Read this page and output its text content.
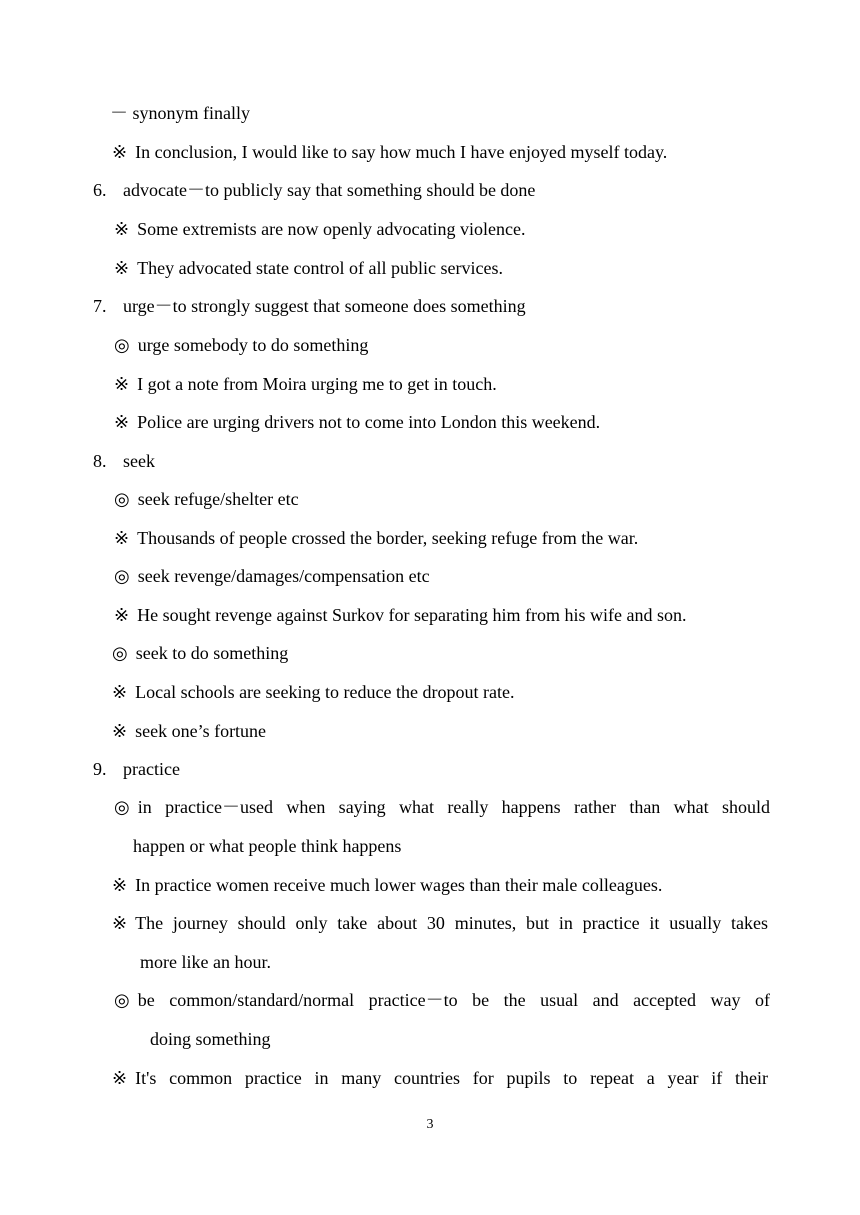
－ synonym finally
※ In conclusion, I would like to say how much I have enjoyed myself today.
6. advocate－to publicly say that something should be done
※ Some extremists are now openly advocating violence.
※ They advocated state control of all public services.
7. urge－to strongly suggest that someone does something
◎ urge somebody to do something
※ I got a note from Moira urging me to get in touch.
※ Police are urging drivers not to come into London this weekend.
8. seek
◎ seek refuge/shelter etc
※ Thousands of people crossed the border, seeking refuge from the war.
◎ seek revenge/damages/compensation etc
※ He sought revenge against Surkov for separating him from his wife and son.
◎ seek to do something
※ Local schools are seeking to reduce the dropout rate.
※ seek one’s fortune
9. practice
◎ in practice－used when saying what really happens rather than what should
happen or what people think happens
※ In practice women receive much lower wages than their male colleagues.
※ The journey should only take about 30 minutes, but in practice it usually takes
more like an hour.
◎ be common/standard/normal practice－to be the usual and accepted way of
doing something
※ It's common practice in many countries for pupils to repeat a year if their
3
